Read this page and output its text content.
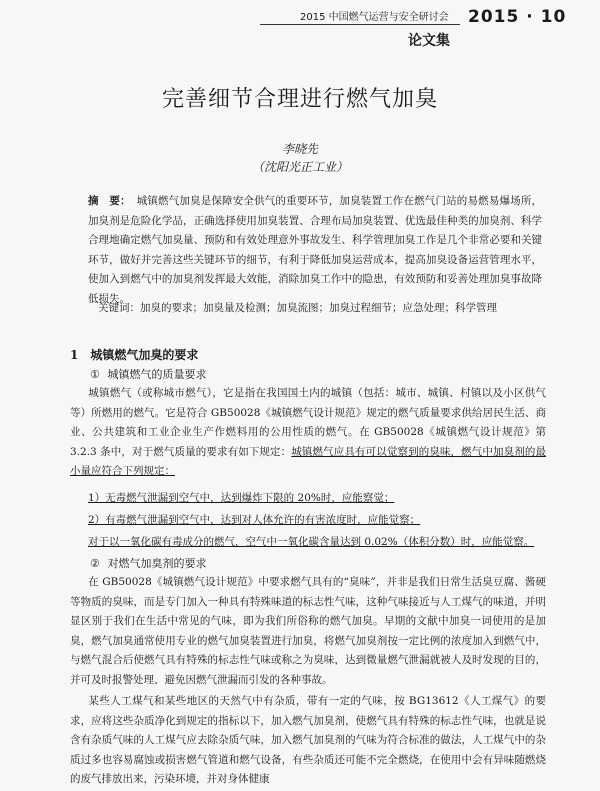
2015 中国燃气运营与安全研讨会 2015 · 10
论文集
完善细节合理进行燃气加臭
李晓先
（沈阳光正工业）

摘　要： 城镇燃气加臭是保障安全供气的重要环节，加臭装置工作在燃气门站的易燃易爆场所，加臭剂是危险化学品，正确选择使用加臭装置、合理布局加臭装置、优选最佳种类的加臭剂、科学合理地确定燃气加臭量、预防和有效处理意外事故发生、科学管理加臭工作是几个非常必要和关键环节，做好并完善这些关键环节的细节，有利于降低加臭运营成本，提高加臭设备运营管理水平，使加入到燃气中的加臭剂发挥最大效能，消除加臭工作中的隐患，有效预防和妥善处理加臭事故降低损失。

关键词：加臭的要求；加臭量及检测；加臭流图；加臭过程细节；应急处理；科学管理
1　城镇燃气加臭的要求
① 城镇燃气的质量要求

城镇燃气（或称城市燃气），它是指在我国国土内的城镇（包括：城市、城镇、村镇以及小区供气等）所燃用的燃气。它是符合 GB50028《城镇燃气设计规范》规定的燃气质量要求供给居民生活、商业、公共建筑和工业企业生产作燃料用的公用性质的燃气。在 GB50028《城镇燃气设计规范》第 3.2.3 条中，对于燃气质量的要求有如下规定：城镇燃气应具有可以觉察到的臭味，燃气中加臭剂的最小量应符合下列规定：

1）无毒燃气泄漏到空气中，达到爆炸下限的 20%时，应能察觉；
2）有毒燃气泄漏到空气中，达到对人体允许的有害浓度时，应能觉察；
对于以一氧化碳有毒成分的燃气，空气中一氧化碳含量达到 0.02%（体积分数）时，应能觉察。
② 对燃气加臭剂的要求

在 GB50028《城镇燃气设计规范》中要求燃气具有的“臭味”，并非是我们日常生活臭豆腐、酱硬等物质的臭味，而是专门加入一种具有特殊味道的标志性气味，这种气味接近与人工煤气的味道，并明显区别于我们在生活中常见的气味，即为我们所俗称的燃气加臭。早期的文献中加臭一词使用的是加臭，燃气加臭通常使用专业的燃气加臭装置进行加臭，将燃气加臭剂按一定比例的浓度加入到燃气中，与燃气混合后使燃气具有特殊的标志性气味或称之为臭味，达到微量燃气泄漏就被人及时发现的目的，并可及时报警处理、避免因燃气泄漏而引发的各种事故。

某些人工煤气和某些地区的天然气中有杂质，带有一定的气味，按 BG13612《人工煤气》的要求，应将这些杂质净化到规定的指标以下，加入燃气加臭剂，使燃气具有特殊的标志性气味，也就是说含有杂质气味的人工煤气应去除杂质气味，加入燃气加臭剂的气味为符合标准的做法，人工煤气中的杂质过多也容易腐蚀或损害燃气管道和燃气设备，有些杂质还可能不完全燃烧，在使用中会有异味随燃烧的废气排放出来，污染环境，并对身体健康
